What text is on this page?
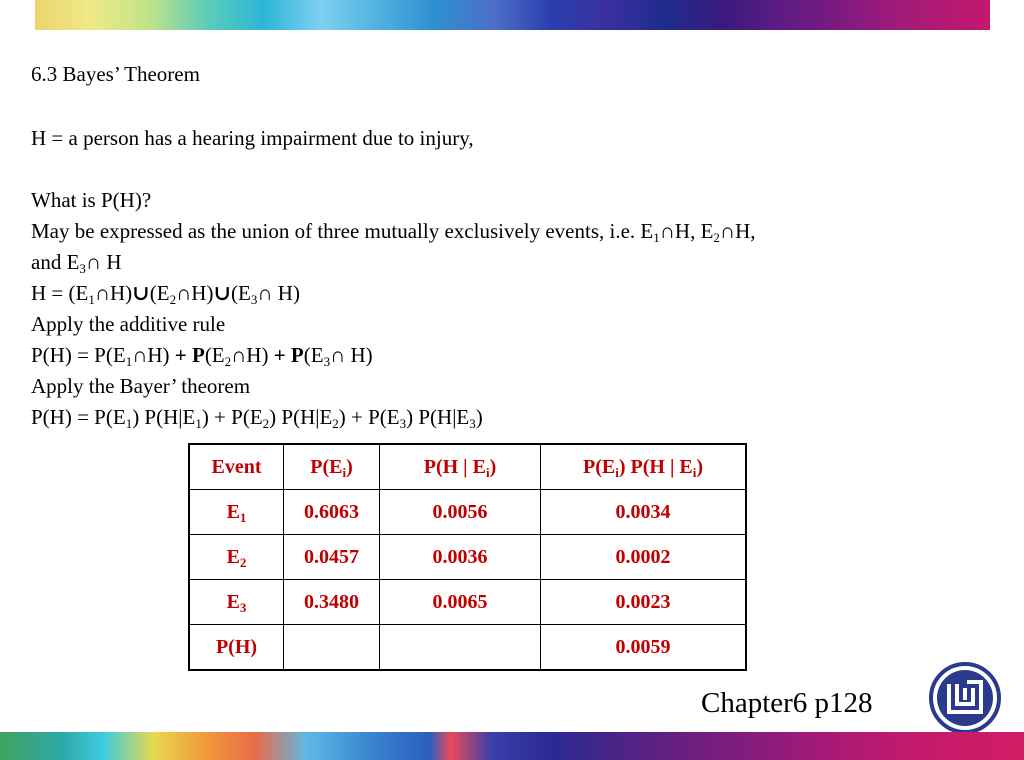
6.3 Bayes’ Theorem
H = a person has a hearing impairment due to injury,
What is P(H)?
May be expressed as the union of three mutually exclusively events, i.e. $E_1\cap H$, $E_2\cap H$,
and $E_3\cap$ H
$H = (E_1\cap H)\cup(E_2\cap H)\cup(E_3\cap$ H)
Apply the additive rule
$P(H) = P(E_1\cap H)$ + $P(E_2\cap H)$ + $P(E_3\cap$ H)
Apply the Bayer’ theorem
$P(H) = P(E_1) P(H|E_1) + P(E_2) P(H|E_2) + P(E_3)$ $P(H|E_3)$
Event	$P(E_i)$	P(H | $E_i$)	$P(E_i)$ P(H | $E_i$)
$E_1$	0.6063	0.0056	0.0034
$E_2$	0.0457	0.0036	0.0002
$E_3$	0.3480	0.0065	0.0023
P(H)			0.0059
Chapter6 p128
